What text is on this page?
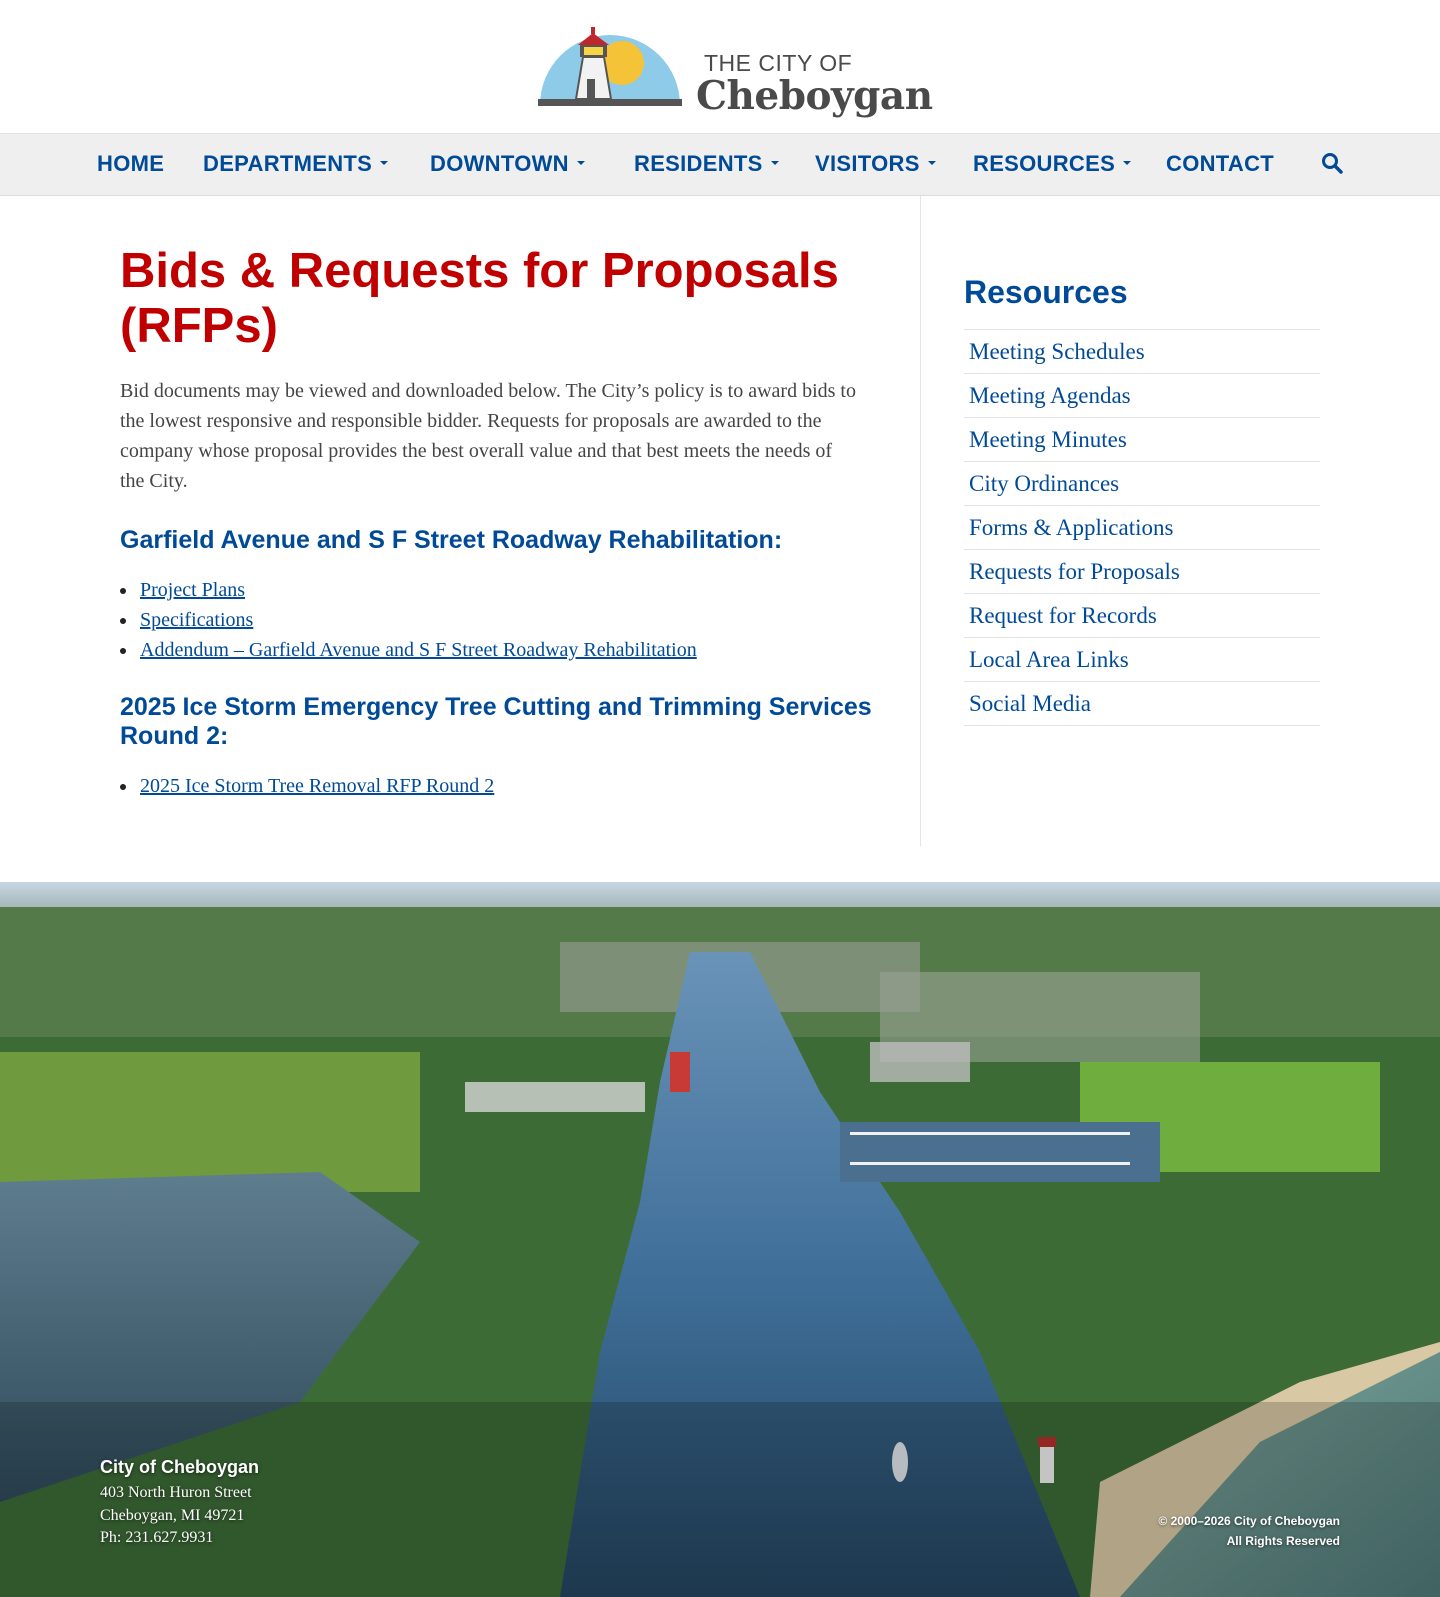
THE CITY OF
Cheboygan
HOME DEPARTMENTS	DOWNTOWN	RESIDENTS	VISITORS	RESOURCES	CONTACT
Bids & Requests for Proposals (RFPs)

Bid documents may be viewed and downloaded below. The City’s policy is to award bids to the lowest responsive and responsible bidder. Requests for proposals are awarded to the company whose proposal provides the best overall value and that best meets the needs of the City.

Garfield Avenue and S F Street Roadway Rehabilitation:
Project Plans
Specifications
Addendum – Garfield Avenue and S F Street Roadway Rehabilitation
2025 Ice Storm Emergency Tree Cutting and Trimming Services Round 2:
2025 Ice Storm Tree Removal RFP Round 2
Resources
Meeting Schedules
Meeting Agendas
Meeting Minutes
City Ordinances
Forms & Applications
Requests for Proposals
Request for Records
Local Area Links
Social Media
City of Cheboygan
403 North Huron Street
Cheboygan, MI 49721
Ph: 231.627.9931
© 2000–2026 City of Cheboygan
All Rights Reserved
